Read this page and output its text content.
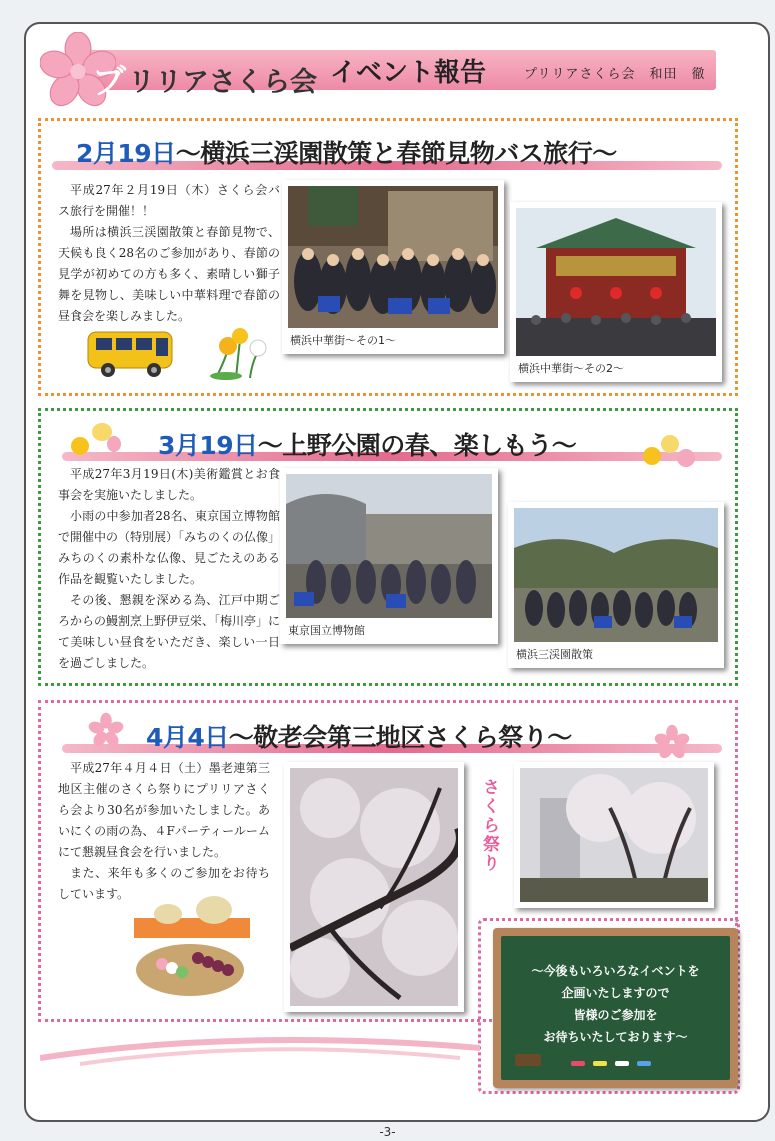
ブリリアさくら会 イベント報告	プリリアさくら会　和田　徹
2月19日～横浜三渓園散策と春節見物バス旅行～

平成27年２月19日（木）さくら会バス旅行を開催！！

場所は横浜三渓園散策と春節見物で、天候も良く28名のご参加があり、春節の見学が初めての方も多く、素晴しい獅子舞を見物し、美味しい中華料理で春節の昼食会を楽しみました。

横浜中華街～その1～
横浜中華街～その2～
3月19日～上野公園の春、楽しもう～

平成27年3月19日(木)美術鑑賞とお食事会を実施いたしました。

小雨の中参加者28名、東京国立博物館で開催中の（特別展）「みちのくの仏像」みちのくの素朴な仏像、見ごたえのある作品を観覧いたしました。

その後、懇親を深める為、江戸中期ごろからの鰻割烹上野伊豆栄、「梅川亭」にて美味しい昼食をいただき、楽しい一日を過ごしました。

東京国立博物館
横浜三渓園散策
4月4日～敬老会第三地区さくら祭り～

平成27年４月４日（土）墨老連第三地区主催のさくら祭りにプリリアさくら会より30名が参加いたしました。あいにくの雨の為、４Fパーティールームにて懇親昼食会を行いました。

また、来年も多くのご参加をお待ちしています。

さくら祭り
～今後もいろいろなイベントを
企画いたしますので
皆様のご参加を
お待ちいたしております～
-3-
